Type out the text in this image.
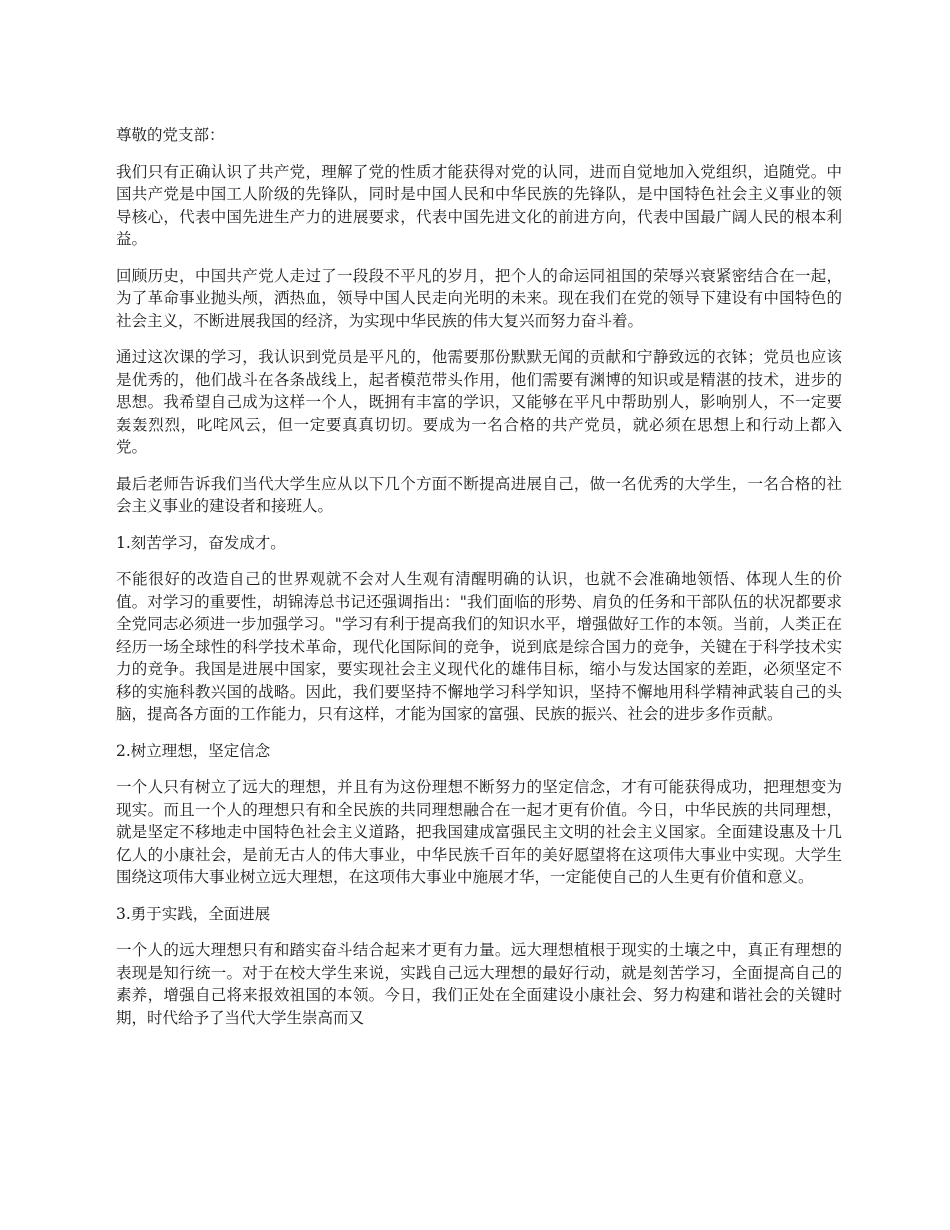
尊敬的党支部：

我们只有正确认识了共产党，理解了党的性质才能获得对党的认同，进而自觉地加入党组织，追随党。中国共产党是中国工人阶级的先锋队，同时是中国人民和中华民族的先锋队，是中国特色社会主义事业的领导核心，代表中国先进生产力的进展要求，代表中国先进文化的前进方向，代表中国最广阔人民的根本利益。

回顾历史，中国共产党人走过了一段段不平凡的岁月，把个人的命运同祖国的荣辱兴衰紧密结合在一起，为了革命事业抛头颅，洒热血，领导中国人民走向光明的未来。现在我们在党的领导下建设有中国特色的社会主义，不断进展我国的经济，为实现中华民族的伟大复兴而努力奋斗着。

通过这次课的学习，我认识到党员是平凡的，他需要那份默默无闻的贡献和宁静致远的衣钵；党员也应该是优秀的，他们战斗在各条战线上，起者模范带头作用，他们需要有渊博的知识或是精湛的技术，进步的思想。我希望自己成为这样一个人，既拥有丰富的学识，又能够在平凡中帮助别人，影响别人，不一定要轰轰烈烈，叱咤风云，但一定要真真切切。要成为一名合格的共产党员，就必须在思想上和行动上都入党。

最后老师告诉我们当代大学生应从以下几个方面不断提高进展自己，做一名优秀的大学生，一名合格的社会主义事业的建设者和接班人。

1.刻苦学习，奋发成才。

不能很好的改造自己的世界观就不会对人生观有清醒明确的认识，也就不会准确地领悟、体现人生的价值。对学习的重要性，胡锦涛总书记还强调指出："我们面临的形势、肩负的任务和干部队伍的状况都要求全党同志必须进一步加强学习。"学习有利于提高我们的知识水平，增强做好工作的本领。当前，人类正在经历一场全球性的科学技术革命，现代化国际间的竞争，说到底是综合国力的竞争，关键在于科学技术实力的竞争。我国是进展中国家，要实现社会主义现代化的雄伟目标，缩小与发达国家的差距，必须坚定不移的实施科教兴国的战略。因此，我们要坚持不懈地学习科学知识，坚持不懈地用科学精神武装自己的头脑，提高各方面的工作能力，只有这样，才能为国家的富强、民族的振兴、社会的进步多作贡献。

2.树立理想，坚定信念

一个人只有树立了远大的理想，并且有为这份理想不断努力的坚定信念，才有可能获得成功，把理想变为现实。而且一个人的理想只有和全民族的共同理想融合在一起才更有价值。今日，中华民族的共同理想，就是坚定不移地走中国特色社会主义道路，把我国建成富强民主文明的社会主义国家。全面建设惠及十几亿人的小康社会，是前无古人的伟大事业，中华民族千百年的美好愿望将在这项伟大事业中实现。大学生围绕这项伟大事业树立远大理想，在这项伟大事业中施展才华，一定能使自己的人生更有价值和意义。

3.勇于实践，全面进展

一个人的远大理想只有和踏实奋斗结合起来才更有力量。远大理想植根于现实的土壤之中，真正有理想的表现是知行统一。对于在校大学生来说，实践自己远大理想的最好行动，就是刻苦学习，全面提高自己的素养，增强自己将来报效祖国的本领。今日，我们正处在全面建设小康社会、努力构建和谐社会的关键时期，时代给予了当代大学生崇高而又
